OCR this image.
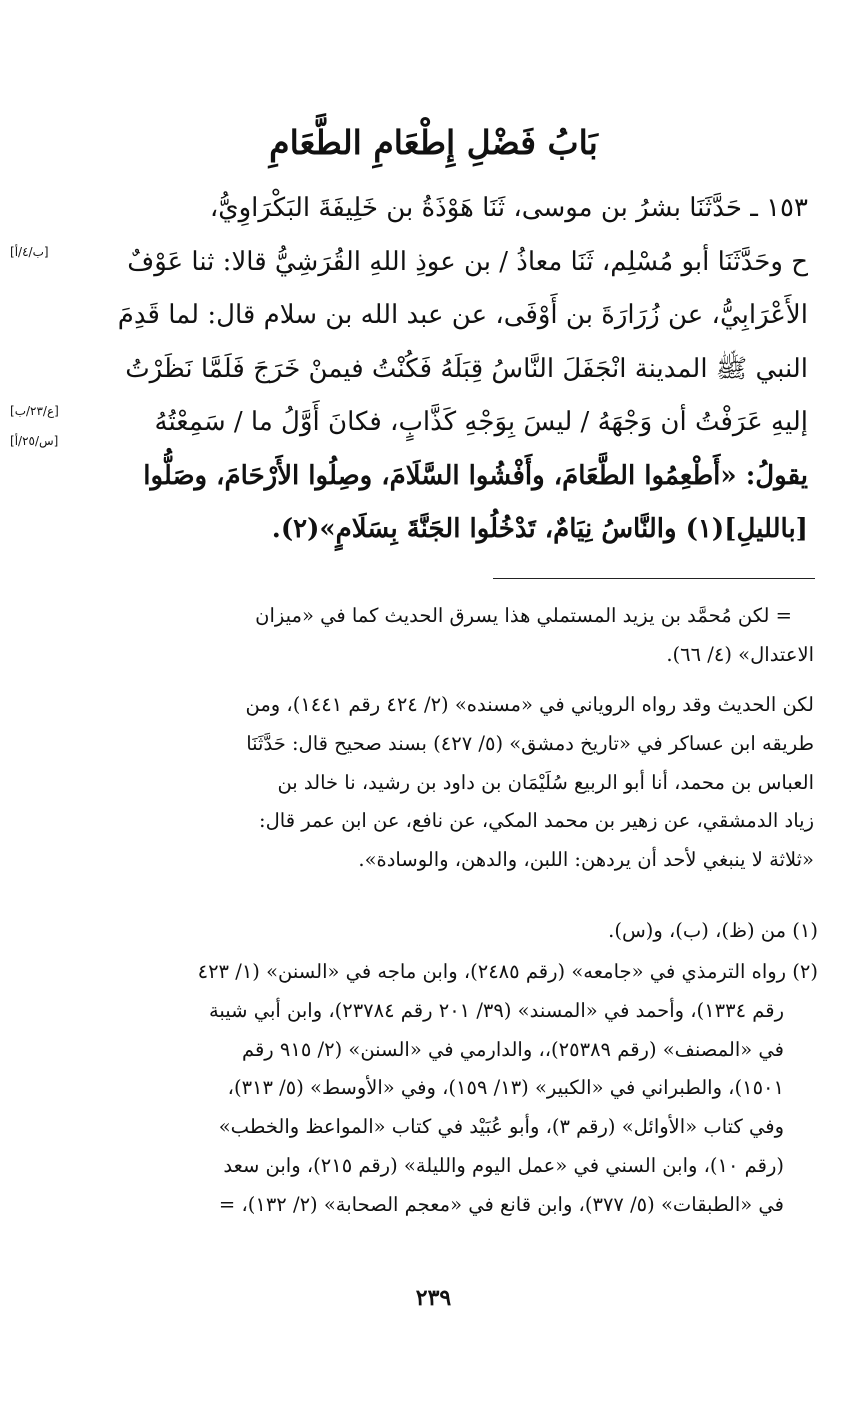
بَابُ فَضْلِ إِطْعَامِ الطَّعَامِ

١٥٣ ـ حَدَّثَنَا بشرُ بن موسى، ثَنَا هَوْذَةُ بن خَلِيفَةَ البَكْرَاوِيُّ،

ح وحَدَّثَنَا أبو مُسْلِم، ثَنَا معاذُ / بن عوذِ اللهِ القُرَشِيُّ قالا: ثنا عَوْفٌ

الأَعْرَابِيُّ، عن زُرَارَةَ بن أَوْفَى، عن عبد الله بن سلام قال: لما قَدِمَ

النبي ﷺ المدينة انْجَفَلَ النَّاسُ قِبَلَهُ فَكُنْتُ فيمنْ خَرَجَ فَلَمَّا نَظَرْتُ

إليهِ عَرَفْتُ أن وَجْهَهُ / ليسَ بِوَجْهِ كَذَّابٍ، فكانَ أَوَّلُ ما / سَمِعْتُهُ

يقولُ: «أَطْعِمُوا الطَّعَامَ، وأَفْشُوا السَّلَامَ، وصِلُوا الأَرْحَامَ، وصَلُّوا

[بالليلِ](١) والنَّاسُ نِيَامٌ، تَدْخُلُوا الجَنَّةَ بِسَلَامٍ»(٢).

[ب/٤/أ]
[ع/٢٣/ب]
[س/٢٥/أ]

= لكن مُحمَّد بن يزيد المستملي هذا يسرق الحديث كما في «ميزان

الاعتدال» (٤/ ٦٦).

لكن الحديث وقد رواه الروياني في «مسنده» (٢/ ٤٢٤ رقم ١٤٤١)، ومن

طريقه ابن عساكر في «تاريخ دمشق» (٥/ ٤٢٧) بسند صحيح قال: حَدَّثَنَا

العباس بن محمد، أنا أبو الربيع سُلَيْمَان بن داود بن رشيد، نا خالد بن

زياد الدمشقي، عن زهير بن محمد المكي، عن نافع، عن ابن عمر قال:

«ثلاثة لا ينبغي لأحد أن يردهن: اللبن، والدهن، والوسادة».

(١) من (ظ)، (ب)، و(س).
(٢) رواه الترمذي في «جامعه» (رقم ٢٤٨٥)، وابن ماجه في «السنن» (١/ ٤٢٣
رقم ١٣٣٤)، وأحمد في «المسند» (٣٩/ ٢٠١ رقم ٢٣٧٨٤)، وابن أبي شيبة
في «المصنف» (رقم ٢٥٣٨٩)،، والدارمي في «السنن» (٢/ ٩١٥ رقم
١٥٠١)، والطبراني في «الكبير» (١٣/ ١٥٩)، وفي «الأوسط» (٥/ ٣١٣)،
وفي كتاب «الأوائل» (رقم ٣)، وأبو عُبَيْد في كتاب «المواعظ والخطب»
(رقم ١٠)، وابن السني في «عمل اليوم والليلة» (رقم ٢١٥)، وابن سعد
في «الطبقات» (٥/ ٣٧٧)، وابن قانع في «معجم الصحابة» (٢/ ١٣٢)، =
٢٣٩
